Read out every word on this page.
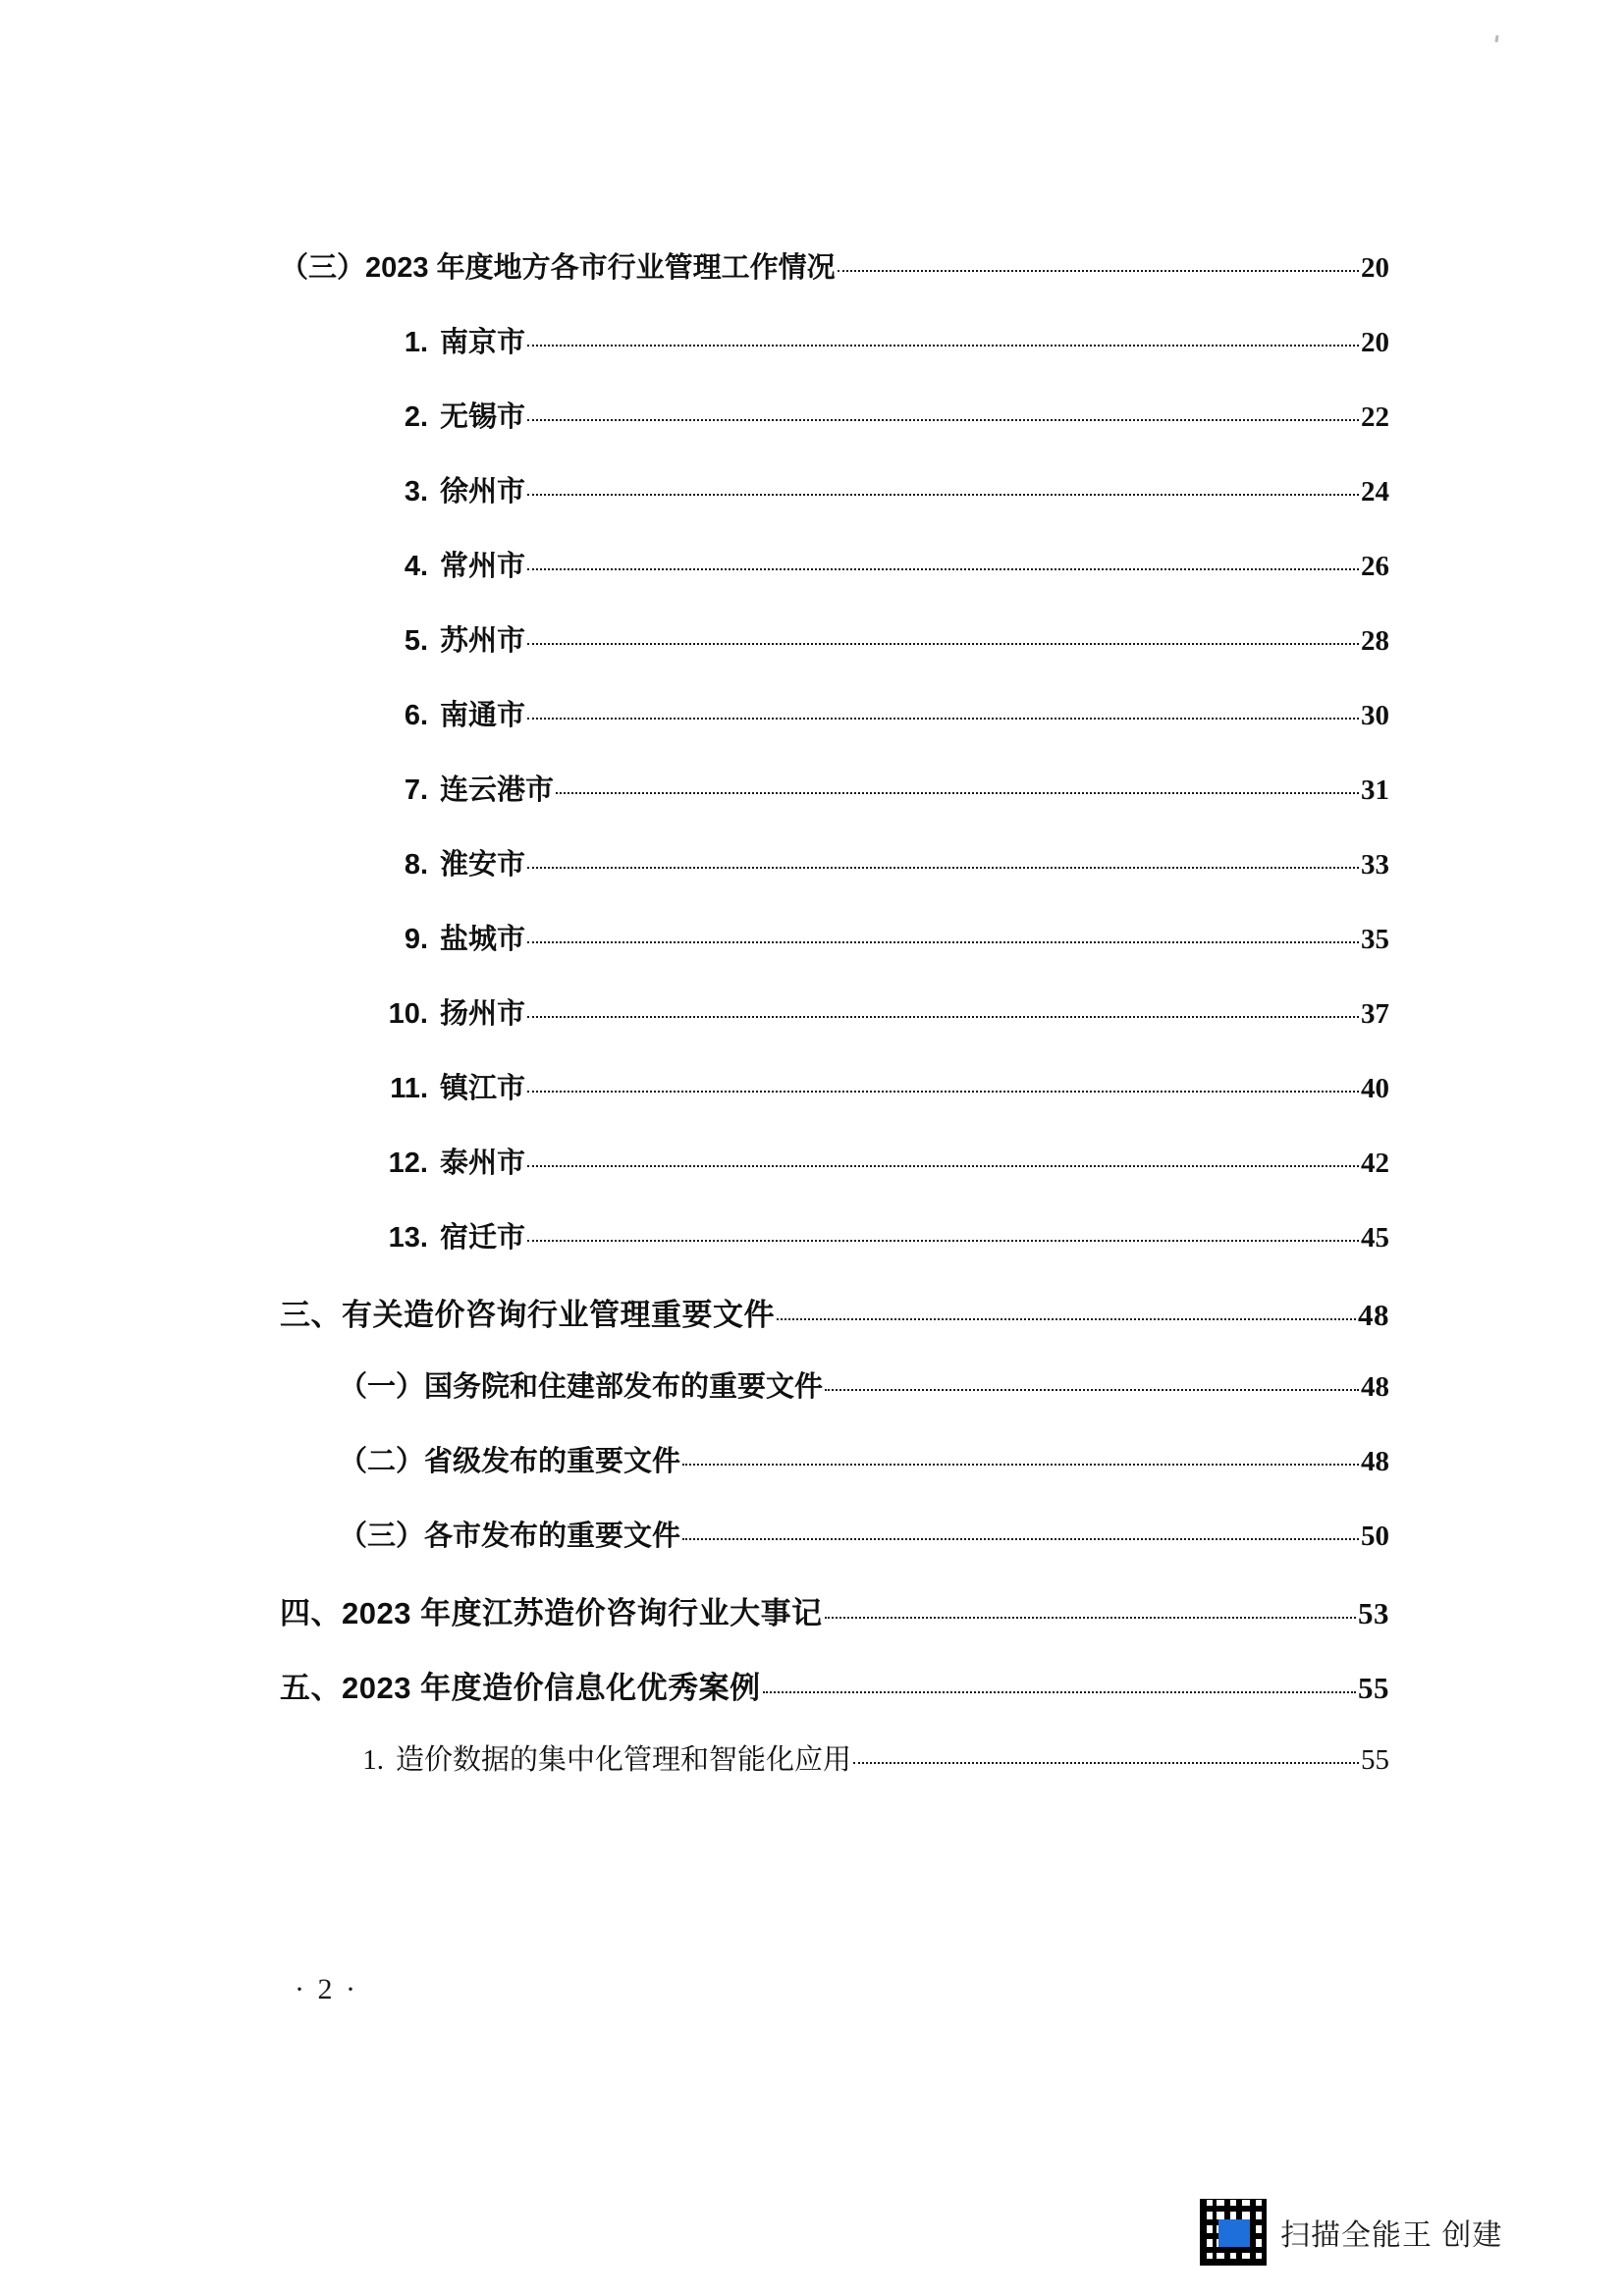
（三）2023 年度地方各市行业管理工作情况	20
1. 南京市	20
2. 无锡市	22
3. 徐州市	24
4. 常州市	26
5. 苏州市	28
6. 南通市	30
7. 连云港市	31
8. 淮安市	33
9. 盐城市	35
10. 扬州市	37
11. 镇江市	40
12. 泰州市	42
13. 宿迁市	45
三、有关造价咨询行业管理重要文件	48
（一）国务院和住建部发布的重要文件	48
（二）省级发布的重要文件	48
（三）各市发布的重要文件	50
四、2023 年度江苏造价咨询行业大事记	53
五、2023 年度造价信息化优秀案例	55
1. 造价数据的集中化管理和智能化应用	55
· 2 ·
扫描全能王 创建
